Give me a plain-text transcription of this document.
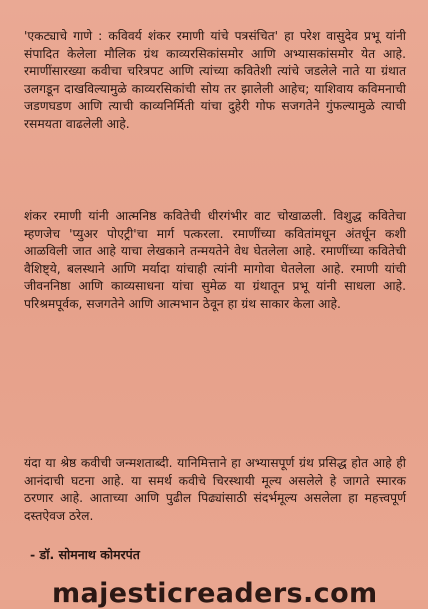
'एकट्याचे गाणे : कविवर्य शंकर रमाणी यांचे पत्रसंचित' हा परेश वासुदेव प्रभू यांनी संपादित केलेला मौलिक ग्रंथ काव्यरसिकांसमोर आणि अभ्यासकांसमोर येत आहे. रमाणींसारख्या कवीचा चरित्रपट आणि त्यांच्या कवितेशी त्यांचे जडलेले नाते या ग्रंथात उलगडून दाखविल्यामुळे काव्यरसिकांची सोय तर झालेली आहेच; याशिवाय कविमनाची जडणघडण आणि त्याची काव्यनिर्मिती यांचा दुहेरी गोफ सजगतेने गुंफल्यामुळे त्याची रसमयता वाढलेली आहे.
शंकर रमाणी यांनी आत्मनिष्ठ कवितेची धीरगंभीर वाट चोखाळली. विशुद्ध कवितेचा म्हणजेच 'प्युअर पोएट्री'चा मार्ग पत्करला. रमाणींच्या कवितांमधून अंतर्धून कशी आळविली जात आहे याचा लेखकाने तन्मयतेने वेध घेतलेला आहे. रमाणींच्या कवितेची वैशिष्ट्ये, बलस्थाने आणि मर्यादा यांचाही त्यांनी मागोवा घेतलेला आहे. रमाणी यांची जीवननिष्ठा आणि काव्यसाधना यांचा सुमेळ या ग्रंथातून प्रभू यांनी साधला आहे. परिश्रमपूर्वक, सजगतेने आणि आत्मभान ठेवून हा ग्रंथ साकार केला आहे.
यंदा या श्रेष्ठ कवीची जन्मशताब्दी. यानिमित्ताने हा अभ्यासपूर्ण ग्रंथ प्रसिद्ध होत आहे ही आनंदाची घटना आहे. या समर्थ कवीचे चिरस्थायी मूल्य असलेले हे जागते स्मारक ठरणार आहे. आताच्या आणि पुढील पिढ्यांसाठी संदर्भमूल्य असलेला हा महत्त्वपूर्ण दस्तऐवज ठरेल.
- डॉ. सोमनाथ कोमरपंत
majesticreaders.com
